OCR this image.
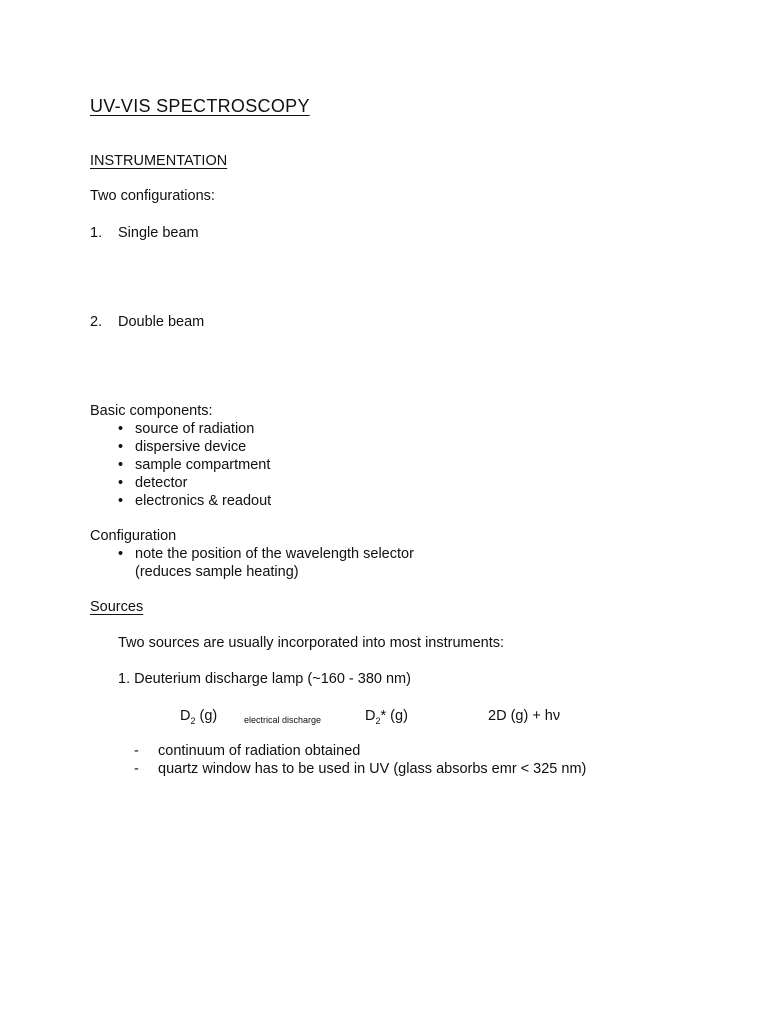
UV-VIS SPECTROSCOPY
INSTRUMENTATION
Two configurations:
1. Single beam
2. Double beam
Basic components:
• source of radiation
• dispersive device
• sample compartment
• detector
• electronics & readout
Configuration
• note the position of the wavelength selector
(reduces sample heating)
Sources
Two sources are usually incorporated into most instruments:
1. Deuterium discharge lamp (~160 - 380 nm)
$D_2$ (g)	electrical discharge	$D_2*$ (g)	2D (g) + hν
- continuum of radiation obtained
- quartz window has to be used in UV (glass absorbs emr < 325 nm)
